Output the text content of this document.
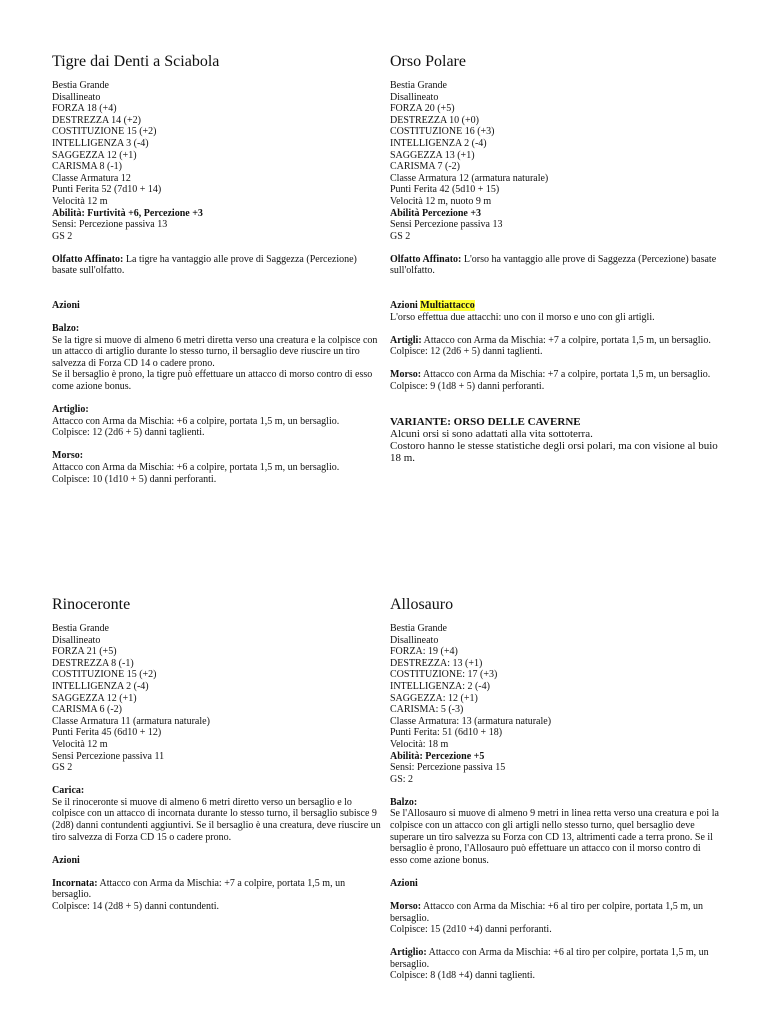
Tigre dai Denti a Sciabola
Bestia Grande
Disallineato
FORZA 18 (+4)
DESTREZZA 14 (+2)
COSTITUZIONE 15 (+2)
INTELLIGENZA 3 (-4)
SAGGEZZA 12 (+1)
CARISMA 8 (-1)
Classe Armatura 12
Punti Ferita 52 (7d10 + 14)
Velocità 12 m
Abilità: Furtività +6, Percezione +3
Sensi: Percezione passiva 13
GS 2

Olfatto Affinato: La tigre ha vantaggio alle prove di Saggezza (Percezione) basate sull'olfatto.

Azioni
Balzo:

Se la tigre si muove di almeno 6 metri diretta verso una creatura e la colpisce con un attacco di artiglio durante lo stesso turno, il bersaglio deve riuscire un tiro salvezza di Forza CD 14 o cadere prono.

Se il bersaglio è prono, la tigre può effettuare un attacco di morso contro di esso come azione bonus.

Artiglio:
Attacco con Arma da Mischia: +6 a colpire, portata 1,5 m, un bersaglio.
Colpisce: 12 (2d6 + 5) danni taglienti.
Morso:
Attacco con Arma da Mischia: +6 a colpire, portata 1,5 m, un bersaglio.
Colpisce: 10 (1d10 + 5) danni perforanti.
Orso Polare
Bestia Grande
Disallineato
FORZA 20 (+5)
DESTREZZA 10 (+0)
COSTITUZIONE 16 (+3)
INTELLIGENZA 2 (-4)
SAGGEZZA 13 (+1)
CARISMA 7 (-2)
Classe Armatura 12 (armatura naturale)
Punti Ferita 42 (5d10 + 15)
Velocità 12 m, nuoto 9 m
Abilità Percezione +3
Sensi Percezione passiva 13
GS 2

Olfatto Affinato: L'orso ha vantaggio alle prove di Saggezza (Percezione) basate sull'olfatto.

Azioni Multiattacco
L'orso effettua due attacchi: uno con il morso e uno con gli artigli.

Artigli: Attacco con Arma da Mischia: +7 a colpire, portata 1,5 m, un bersaglio.

Colpisce: 12 (2d6 + 5) danni taglienti.

Morso: Attacco con Arma da Mischia: +7 a colpire, portata 1,5 m, un bersaglio.

Colpisce: 9 (1d8 + 5) danni perforanti.
VARIANTE: ORSO DELLE CAVERNE
Alcuni orsi si sono adattati alla vita sottoterra.

Costoro hanno le stesse statistiche degli orsi polari, ma con visione al buio 18 m.

Rinoceronte
Bestia Grande
Disallineato
FORZA 21 (+5)
DESTREZZA 8 (-1)
COSTITUZIONE 15 (+2)
INTELLIGENZA 2 (-4)
SAGGEZZA 12 (+1)
CARISMA 6 (-2)
Classe Armatura 11 (armatura naturale)
Punti Ferita 45 (6d10 + 12)
Velocità 12 m
Sensi Percezione passiva 11
GS 2
Carica:

Se il rinoceronte si muove di almeno 6 metri diretto verso un bersaglio e lo colpisce con un attacco di incornata durante lo stesso turno, il bersaglio subisce 9 (2d8) danni contundenti aggiuntivi. Se il bersaglio è una creatura, deve riuscire un tiro salvezza di Forza CD 15 o cadere prono.

Azioni

Incornata: Attacco con Arma da Mischia: +7 a colpire, portata 1,5 m, un bersaglio.

Colpisce: 14 (2d8 + 5) danni contundenti.
Allosauro
Bestia Grande
Disallineato
FORZA: 19 (+4)
DESTREZZA: 13 (+1)
COSTITUZIONE: 17 (+3)
INTELLIGENZA: 2 (-4)
SAGGEZZA: 12 (+1)
CARISMA: 5 (-3)
Classe Armatura: 13 (armatura naturale)
Punti Ferita: 51 (6d10 + 18)
Velocità: 18 m
Abilità: Percezione +5
Sensi: Percezione passiva 15
GS: 2
Balzo:

Se l'Allosauro si muove di almeno 9 metri in linea retta verso una creatura e poi la colpisce con un attacco con gli artigli nello stesso turno, quel bersaglio deve superare un tiro salvezza su Forza con CD 13, altrimenti cade a terra prono. Se il bersaglio è prono, l'Allosauro può effettuare un attacco con il morso contro di esso come azione bonus.

Azioni

Morso: Attacco con Arma da Mischia: +6 al tiro per colpire, portata 1,5 m, un bersaglio.

Colpisce: 15 (2d10 +4) danni perforanti.

Artiglio: Attacco con Arma da Mischia: +6 al tiro per colpire, portata 1,5 m, un bersaglio.

Colpisce: 8 (1d8 +4) danni taglienti.
